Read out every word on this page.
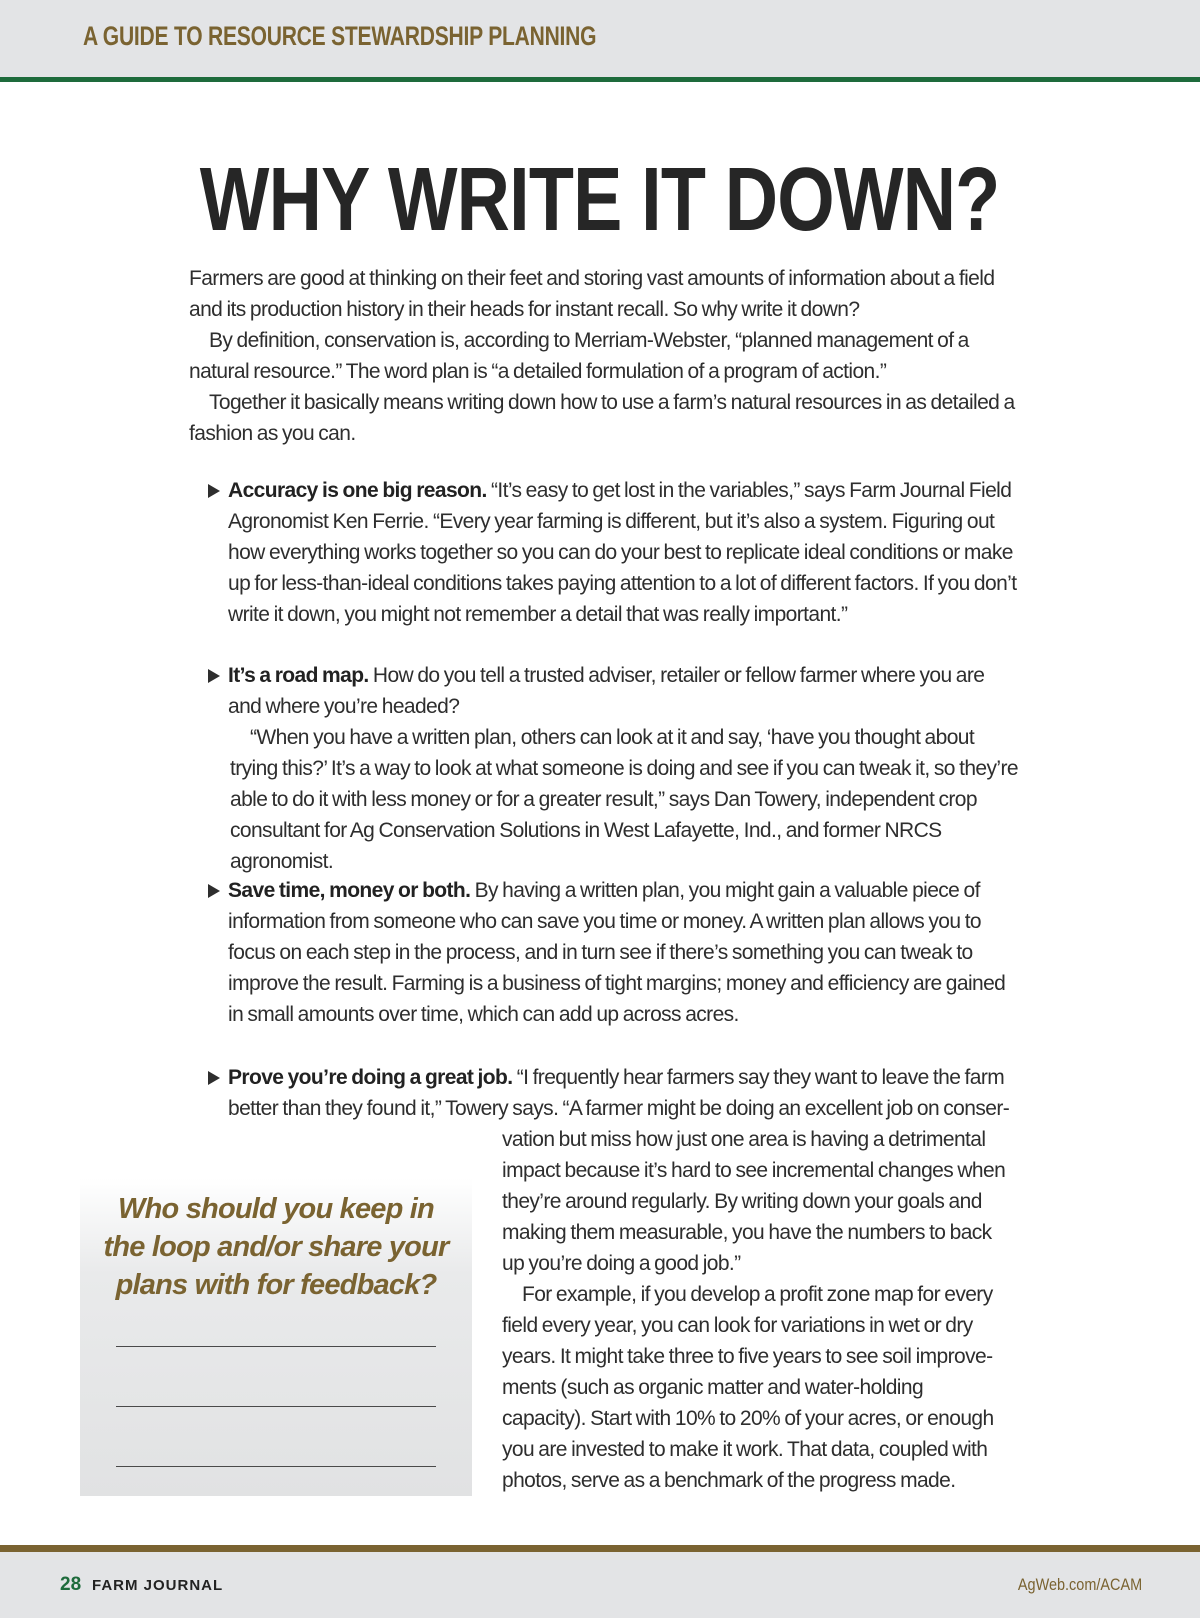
A GUIDE TO RESOURCE STEWARDSHIP PLANNING
WHY WRITE IT DOWN?

Farmers are good at thinking on their feet and storing vast amounts of information about a field and its production history in their heads for instant recall. So why write it down?

By definition, conservation is, according to Merriam-Webster, “planned management of a natural resource.” The word plan is “a detailed formulation of a program of action.”

Together it basically means writing down how to use a farm’s natural resources in as detailed a fashion as you can.

Accuracy is one big reason. “It’s easy to get lost in the variables,” says Farm Journal Field Agronomist Ken Ferrie. “Every year farming is different, but it’s also a system. Figuring out how everything works together so you can do your best to replicate ideal conditions or make up for less-than-ideal conditions takes paying attention to a lot of different factors. If you don’t write it down, you might not remember a detail that was really important.”

It’s a road map. How do you tell a trusted adviser, retailer or fellow farmer where you are and where you’re headed?

“When you have a written plan, others can look at it and say, ‘have you thought about trying this?’ It’s a way to look at what someone is doing and see if you can tweak it, so they’re able to do it with less money or for a greater result,” says Dan Towery, independent crop consultant for Ag Conservation Solutions in West Lafayette, Ind., and former NRCS agronomist.

Save time, money or both. By having a written plan, you might gain a valuable piece of information from someone who can save you time or money. A written plan allows you to focus on each step in the process, and in turn see if there’s something you can tweak to improve the result. Farming is a business of tight margins; money and efficiency are gained in small amounts over time, which can add up across acres.
Prove you’re doing a great job. “I frequently hear farmers say they want to leave the farm better than they found it,” Towery says. “A farmer might be doing an excellent job on conser-

vation but miss how just one area is having a detrimental impact because it’s hard to see incremental changes when they’re around regularly. By writing down your goals and making them measurable, you have the numbers to back up you’re doing a good job.”

For example, if you develop a profit zone map for every field every year, you can look for variations in wet or dry years. It might take three to five years to see soil improvements (such as organic matter and water-holding capacity). Start with 10% to 20% of your acres, or enough you are invested to make it work. That data, coupled with photos, serve as a benchmark of the progress made.

Who should you keep in the loop and/or share your plans with for feedback?
28 FARM JOURNAL	AgWeb.com/ACAM
